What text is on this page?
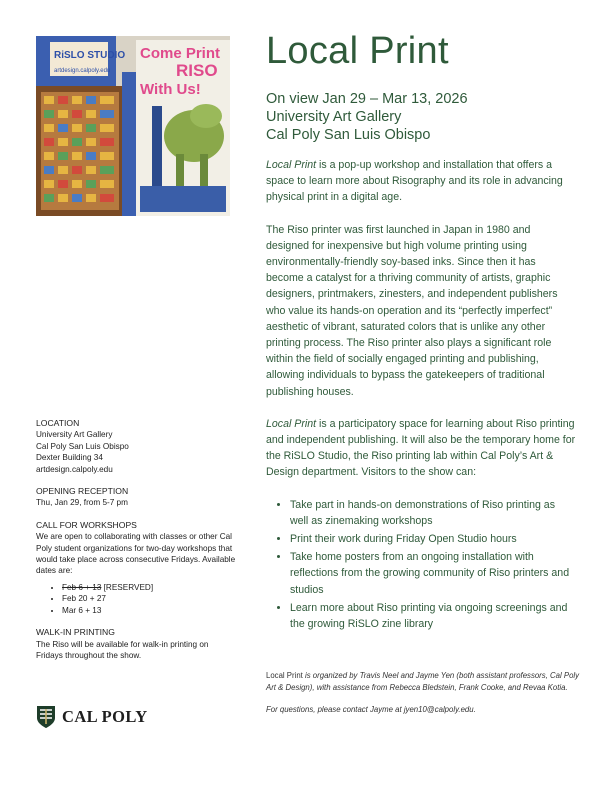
RiSLO STUDIO
artdesign.calpoly.edu
Come Print
RISO
With Us!
Local Print
On view Jan 29 – Mar 13, 2026
University Art Gallery
Cal Poly San Luis Obispo

Local Print is a pop-up workshop and installation that offers a space to learn more about Risography and its role in advancing physical print in a digital age.

The Riso printer was first launched in Japan in 1980 and designed for inexpensive but high volume printing using environmentally-friendly soy-based inks. Since then it has become a catalyst for a thriving community of artists, graphic designers, printmakers, zinesters, and independent publishers who value its hands-on operation and its “perfectly imperfect” aesthetic of vibrant, saturated colors that is unlike any other printing process. The Riso printer also plays a significant role within the field of socially engaged printing and publishing, allowing individuals to bypass the gatekeepers of traditional publishing houses.

Local Print is a participatory space for learning about Riso printing and independent publishing. It will also be the temporary home for the RiSLO Studio, the Riso printing lab within Cal Poly’s Art & Design department. Visitors to the show can:

• Take part in hands-on demonstrations of Riso printing as well as zinemaking workshops
• Print their work during Friday Open Studio hours
• Take home posters from an ongoing installation with reflections from the growing community of Riso printers and studios
• Learn more about Riso printing via ongoing screenings and the growing RiSLO zine library

Local Print is organized by Travis Neel and Jayme Yen (both assistant professors, Cal Poly Art & Design), with assistance from Rebecca Bledstein, Frank Cooke, and Revaa Kotia.

For questions, please contact Jayme at jyen10@calpoly.edu.

LOCATION
University Art Gallery
Cal Poly San Luis Obispo
Dexter Building 34
artdesign.calpoly.edu
OPENING RECEPTION
Thu, Jan 29, from 5-7 pm
CALL FOR WORKSHOPS
We are open to collaborating with classes or other Cal Poly student organizations for two-day workshops that would take place across consecutive Fridays. Available dates are:
• Feb 6 + 13 [RESERVED]
• Feb 20 + 27
• Mar 6 + 13
WALK-IN PRINTING
The Riso will be available for walk-in printing on Fridays throughout the show.
CAL POLY
